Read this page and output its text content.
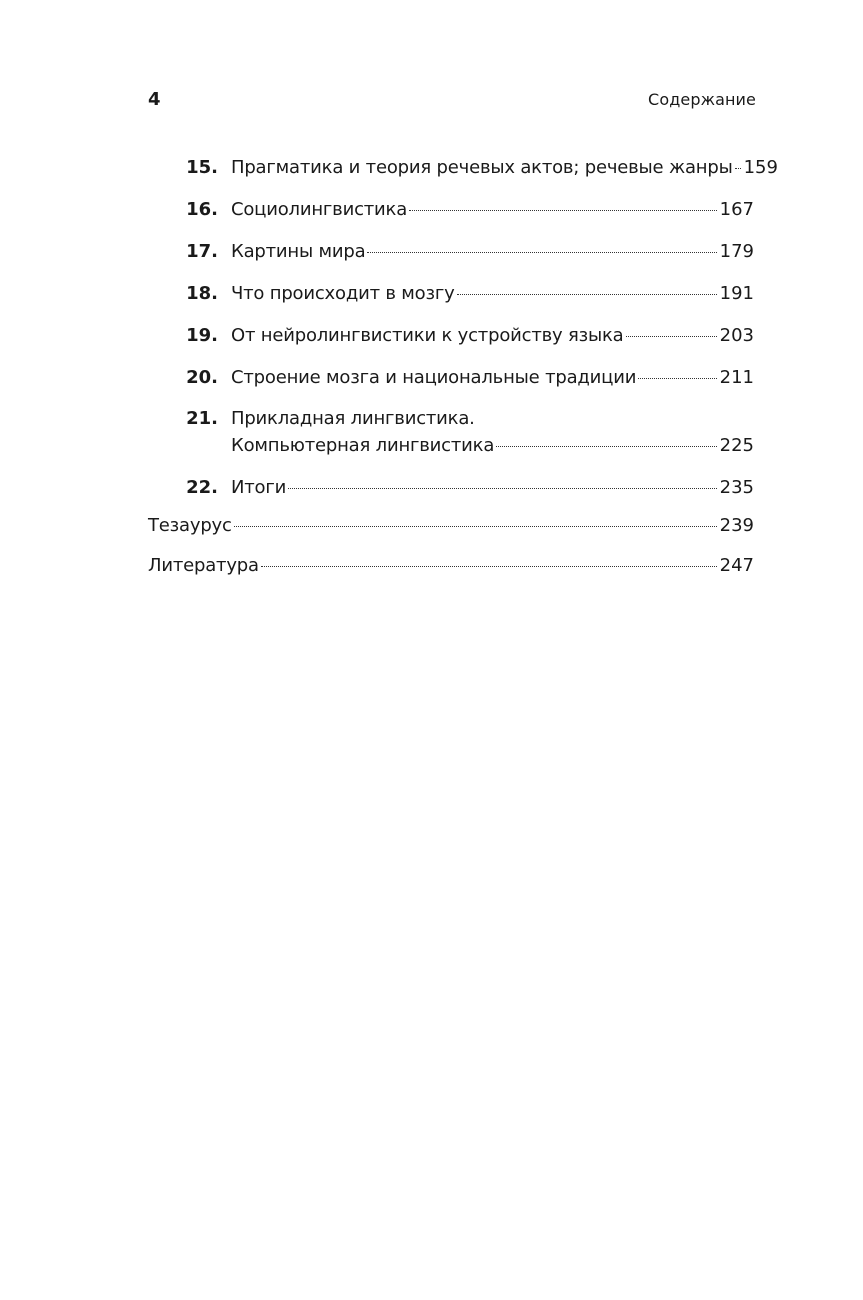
4	Содержание
15. Прагматика и теория речевых актов; речевые жанры 159
16. Социолингвистика	167
17. Картины мира	179
18. Что происходит в мозгу	191
19. От нейролингвистики к устройству языка	203
20. Строение мозга и национальные традиции	211
21. Прикладная лингвистика.
Компьютерная лингвистика	225
22. Итоги	235
Тезаурус	239
Литература	247
